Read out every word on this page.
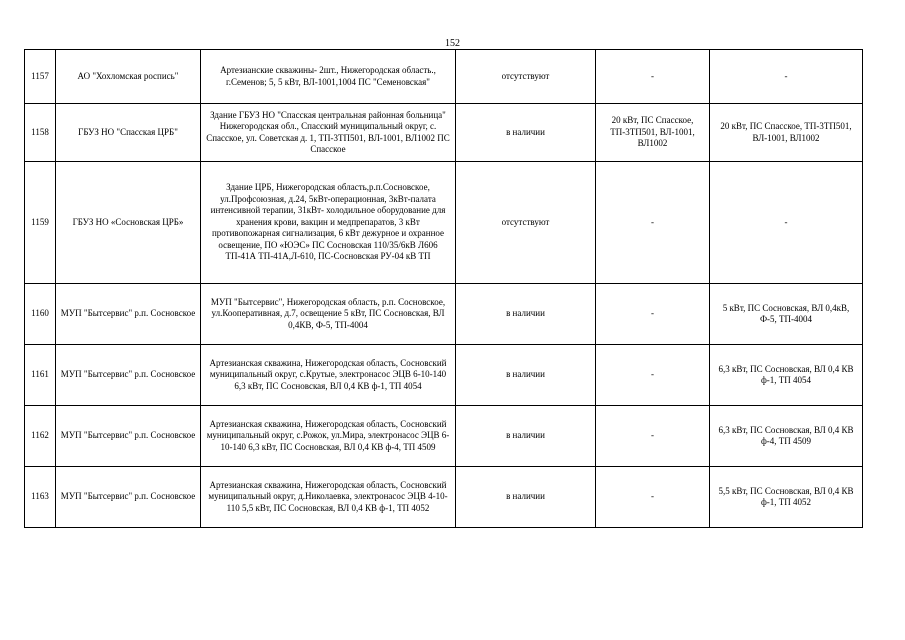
152
1157	АО "Хохломская роспись"	Артезианские скважины- 2шт., Нижегородская область., г.Семенов; 5, 5 кВт, ВЛ-1001,1004 ПС "Семеновская"	отсутствуют	-	-
1158	ГБУЗ НО "Спасская ЦРБ"	Здание ГБУЗ НО "Спасская центральная районная больница" Нижегородская обл., Спасский муниципальный округ, с. Спасское, ул. Советская д. 1, ТП-3ТП501, ВЛ-1001, ВЛ1002 ПС Спасское	в наличии	20 кВт, ПС Спасское, ТП-3ТП501, ВЛ-1001, ВЛ1002	20 кВт, ПС Спасское, ТП-3ТП501, ВЛ-1001, ВЛ1002
1159	ГБУЗ НО «Сосновская ЦРБ»	Здание ЦРБ, Нижегородская область,р.п.Сосновское, ул.Профсоюзная, д.24, 5кВт-операционная, 3кВт-палата интенсивной терапии, 31кВт- холодильное оборудование для хранения крови, вакцин и медпрепаратов, 3 кВт противопожарная сигнализация, 6 кВт дежурное и охранное освещение, ПО «ЮЭС» ПС Сосновская 110/35/6кВ Л606 ТП-41А ТП-41А,Л-610, ПС-Сосновская РУ-04 кВ ТП	отсутствуют	-	-
1160	МУП "Бытсервис" р.п. Сосновское	МУП "Бытсервис", Нижегородская область, р.п. Сосновское, ул.Кооперативная, д.7, освещение 5 кВт, ПС Сосновская, ВЛ 0,4КВ, Ф-5, ТП-4004	в наличии	-	5 кВт, ПС Сосновская, ВЛ 0,4кВ, Ф-5, ТП-4004
1161	МУП "Бытсервис" р.п. Сосновское	Артезианская скважина, Нижегородская область, Сосновский муниципальный округ, с.Крутые, электронасос ЭЦВ 6-10-140 6,3 кВт, ПС Сосновская, ВЛ 0,4 КВ ф-1, ТП 4054	в наличии	-	6,3 кВт, ПС Сосновская, ВЛ 0,4 КВ ф-1, ТП 4054
1162	МУП "Бытсервис" р.п. Сосновское	Артезианская скважина, Нижегородская область, Сосновский муниципальный округ, с.Рожок, ул.Мира, электронасос ЭЦВ 6-10-140 6,3 кВт, ПС Сосновская, ВЛ 0,4 КВ ф-4, ТП 4509	в наличии	-	6,3 кВт, ПС Сосновская, ВЛ 0,4 КВ ф-4, ТП 4509
1163	МУП "Бытсервис" р.п. Сосновское	Артезианская скважина, Нижегородская область, Сосновский муниципальный округ, д.Николаевка, электронасос ЭЦВ 4-10-110 5,5 кВт, ПС Сосновская, ВЛ 0,4 КВ ф-1, ТП 4052	в наличии	-	5,5 кВт, ПС Сосновская, ВЛ 0,4 КВ ф-1, ТП 4052
